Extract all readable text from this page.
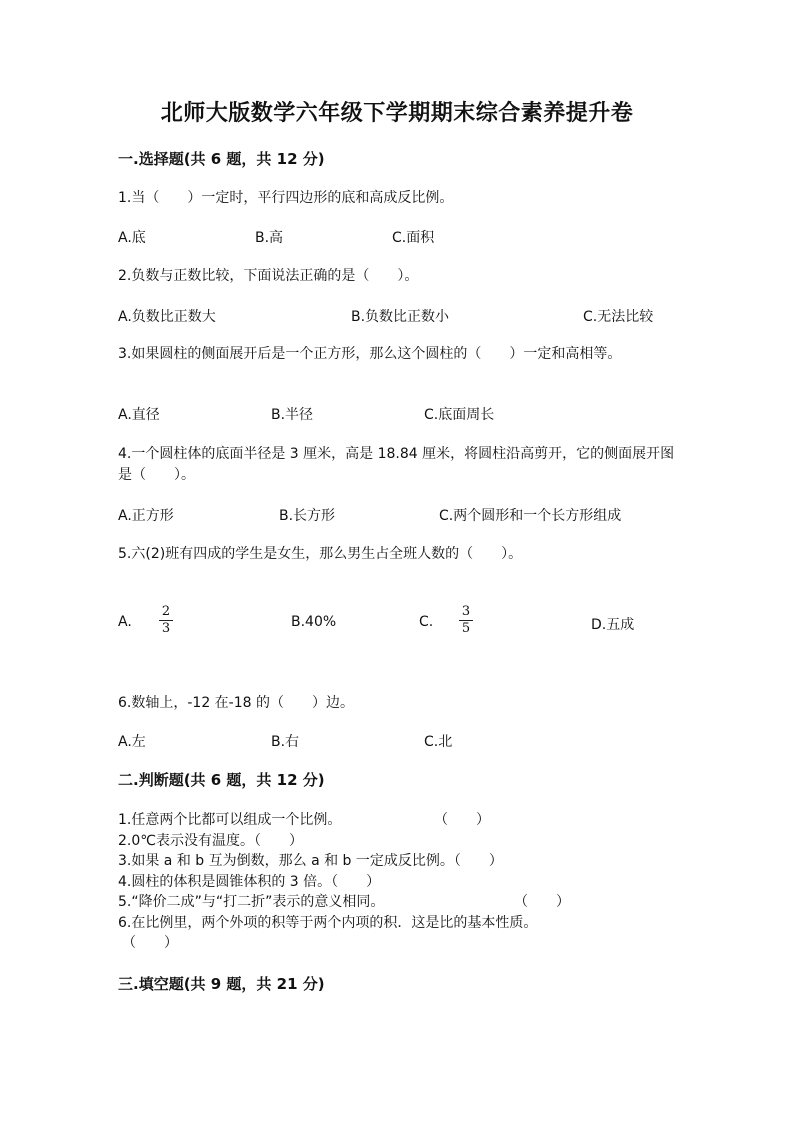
北师大版数学六年级下学期期末综合素养提升卷
一.选择题(共 6 题，共 12 分)
1.当（　　）一定时，平行四边形的底和高成反比例。
A.底	B.高	C.面积
2.负数与正数比较，下面说法正确的是（　　）。
A.负数比正数大	B.负数比正数小	C.无法比较
3.如果圆柱的侧面展开后是一个正方形，那么这个圆柱的（　　）一定和高相等。
A.直径	B.半径	C.底面周长
4.一个圆柱体的底面半径是 3 厘米，高是 18.84 厘米，将圆柱沿高剪开，它的侧面展开图是（　　）。
A.正方形	B.长方形	C.两个圆形和一个长方形组成
5.六(2)班有四成的学生是女生，那么男生占全班人数的（　　）。
A.
2
3	B.40%	C.
3
5	D.五成
6.数轴上，-12 在-18 的（　　）边。
A.左	B.右	C.北
二.判断题(共 6 题，共 12 分)
1.任意两个比都可以组成一个比例。	（　　）
2.0℃表示没有温度。（　　）
3.如果 a 和 b 互为倒数，那么 a 和 b 一定成反比例。（　　）
4.圆柱的体积是圆锥体积的 3 倍。（　　）
5.“降价二成”与“打二折”表示的意义相同。	（　　）
6.在比例里，两个外项的积等于两个内项的积．这是比的基本性质。
（　　）
三.填空题(共 9 题，共 21 分)
